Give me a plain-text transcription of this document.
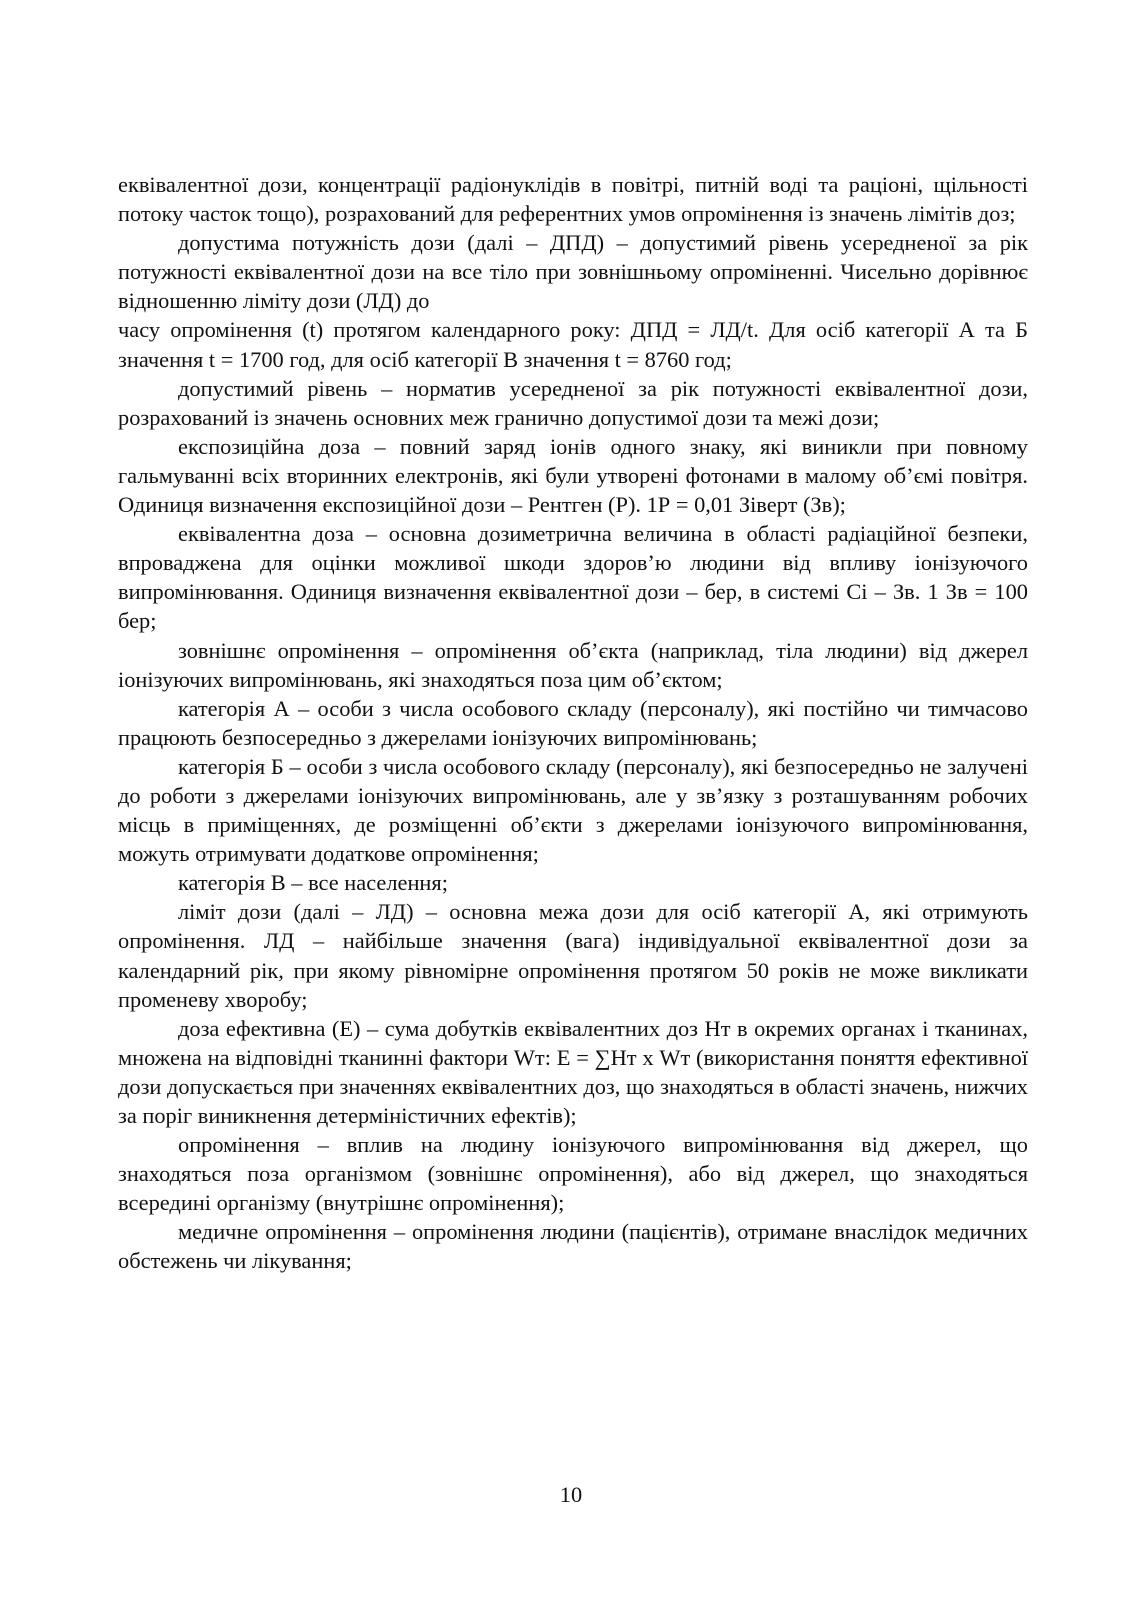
еквівалентної дози, концентрації радіонуклідів в повітрі, питній воді та раціоні, щільності потоку часток тощо), розрахований для референтних умов опромінення із значень лімітів доз;

допустима потужність дози (далі – ДПД) – допустимий рівень усередненої за рік потужності еквівалентної дози на все тіло при зовнішньому опроміненні. Чисельно дорівнює відношенню ліміту дози (ЛД) до

часу опромінення (t) протягом календарного року: ДПД = ЛД/t. Для осіб категорії А та Б значення t = 1700 год, для осіб категорії В значення t = 8760 год;

допустимий рівень – норматив усередненої за рік потужності еквівалентної дози, розрахований із значень основних меж гранично допустимої дози та межі дози;

експозиційна доза – повний заряд іонів одного знаку, які виникли при повному гальмуванні всіх вторинних електронів, які були утворені фотонами в малому об’ємі повітря. Одиниця визначення експозиційної дози – Рентген (Р). 1Р = 0,01 Зіверт (Зв);

еквівалентна доза – основна дозиметрична величина в області радіаційної безпеки, впроваджена для оцінки можливої шкоди здоров’ю людини від впливу іонізуючого випромінювання. Одиниця визначення еквівалентної дози – бер, в системі Сі – Зв. 1 Зв = 100 бер;

зовнішнє опромінення – опромінення об’єкта (наприклад, тіла людини) від джерел іонізуючих випромінювань, які знаходяться поза цим об’єктом;

категорія А – особи з числа особового складу (персоналу), які постійно чи тимчасово працюють безпосередньо з джерелами іонізуючих випромінювань;

категорія Б – особи з числа особового складу (персоналу), які безпосередньо не залучені до роботи з джерелами іонізуючих випромінювань, але у зв’язку з розташуванням робочих місць в приміщеннях, де розміщенні об’єкти з джерелами іонізуючого випромінювання, можуть отримувати додаткове опромінення;

категорія В – все населення;

ліміт дози (далі – ЛД) – основна межа дози для осіб категорії А, які отримують опромінення. ЛД – найбільше значення (вага) індивідуальної еквівалентної дози за календарний рік, при якому рівномірне опромінення протягом 50 років не може викликати променеву хворобу;

доза ефективна (Е) – сума добутків еквівалентних доз Нт в окремих органах і тканинах, множена на відповідні тканинні фактори Wт: Е = ∑Нт х Wт (використання поняття ефективної дози допускається при значеннях еквівалентних доз, що знаходяться в області значень, нижчих за поріг виникнення детерміністичних ефектів);

опромінення – вплив на людину іонізуючого випромінювання від джерел, що знаходяться поза організмом (зовнішнє опромінення), або від джерел, що знаходяться всередині організму (внутрішнє опромінення);

медичне опромінення – опромінення людини (пацієнтів), отримане внаслідок медичних обстежень чи лікування;

10
